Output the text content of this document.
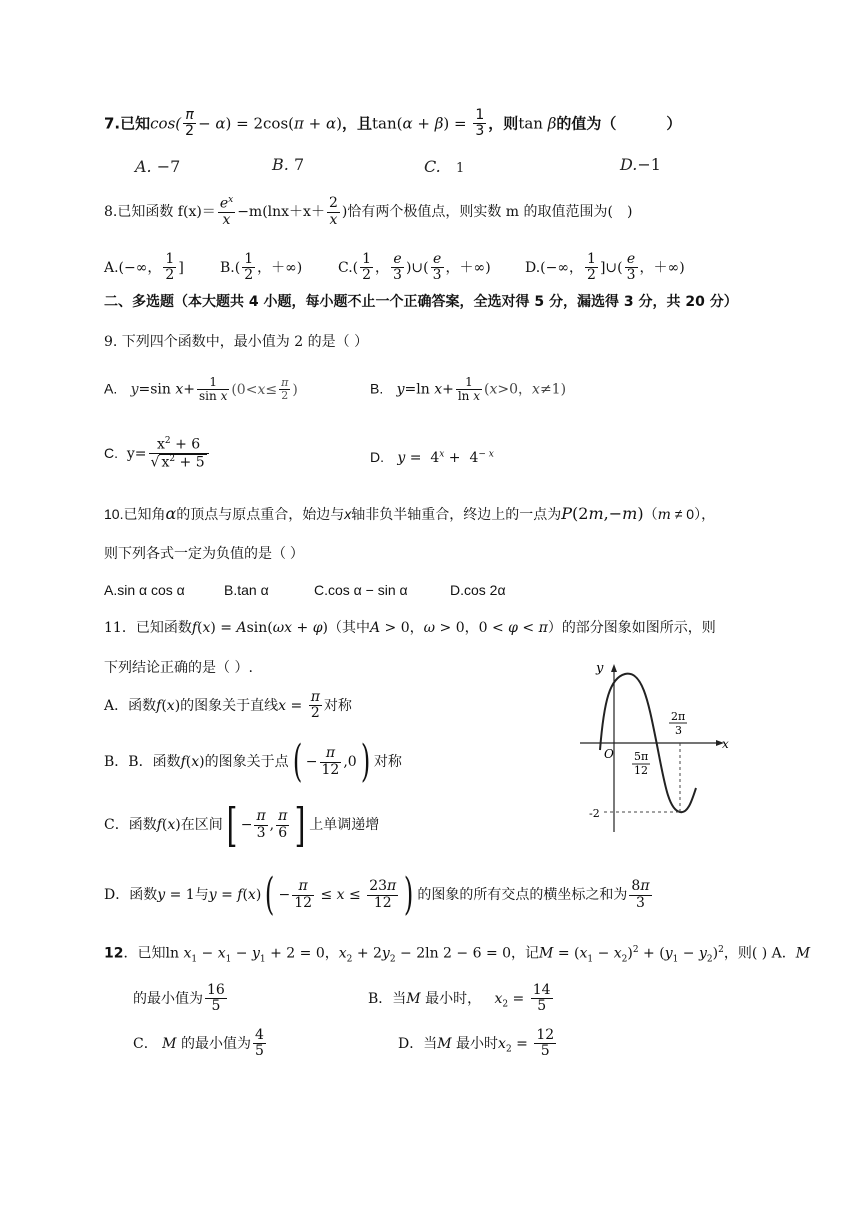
7.已知$\cos( \frac{\pi}{2} - \alpha) = 2\cos(\pi + \alpha)$，且$\tan(\alpha + \beta) = \frac{1}{3}$ ，则tan β的值为（	）
A. −7	B. 7	C. 1	D.−1
8.已知函数 $f(x)= \frac{e^x}{x} -m(\ln x+x+ \frac{2}{x}$ )恰有两个极值点，则实数 m 的取值范围为( )
A.(−∞， $\frac{1}{2}$ ]	$B.( \frac{1}{2}$ ，＋∞)	$C.( \frac{1}{2}$ ， $\frac{e}{3}$ )∪( $\frac{e}{3}$ ，＋∞) D.(−∞， $\frac{1}{2}$ ]∪( $\frac{e}{3}$ ，＋∞)
二、多选题（本大题共 4 小题，每小题不止一个正确答案，全选对得 5 分，漏选得 3 分，共 20 分）
9. 下列四个函数中，最小值为 2 的是（ ）
A. y=sin $x+ \frac{1}{\text{sin x}} (0<x\le \frac{\pi}{2}$ )	B. y=ln $x+ \frac{1}{\text{ln x}} (x>0$，x≠1)
C.  $y= \frac{x^2 + 6}{√ x^2 + 5}$	D. $y = 4^x + 4^{- x}$
10.已知角α的顶点与原点重合，始边与x轴非负半轴重合，终边上的一点为P(2m,−m)（m ≠ 0），
则下列各式一定为负值的是（ ）
A.sin α cos α	B.tan α	C.cos α − sin α	D.cos 2α
11．已知函数f(x) = Asin(ωx + φ)（其中A > 0，ω > 0，0 < φ < π）的部分图象如图所示，则
下列结论正确的是（ ）.
A．函数f(x)的图象关于直线$x = \frac{\pi}{2}$ 对称
B．B．函数f(x)的图象关于点( − $\frac{\pi}{12} ,0$) 对称
C．函数f(x)在区间[ − $\frac{\pi}{3}$ , $\frac{\pi}{6}$ ] 上单调递增
D．函数y = 1与$y = f(x)( - \frac{\pi}{12} \le x \le \frac{23\pi}{12}$ ) 的图象的所有交点的横坐标之和为 $\frac{8\pi}{3}$
y
x
O 5π
12
2π
3
-2
12．已知$\ln x_1 - x_1 - y_1 + 2 = 0$，$x_2 + 2y_2 - 2\ln$ 2 − 6 = 0，记$M = (x_1 - x_2)^2 + (y_1 - y_2)^2$，则( ) A．M
的最小值为 $\frac{16}{5}$	B．当M 最小时， $x_2 = \frac{14}{5}$
C． M 的最小值为 $\frac{4}{5}$	D．当M 最小时$x_2 = \frac{12}{5}$
